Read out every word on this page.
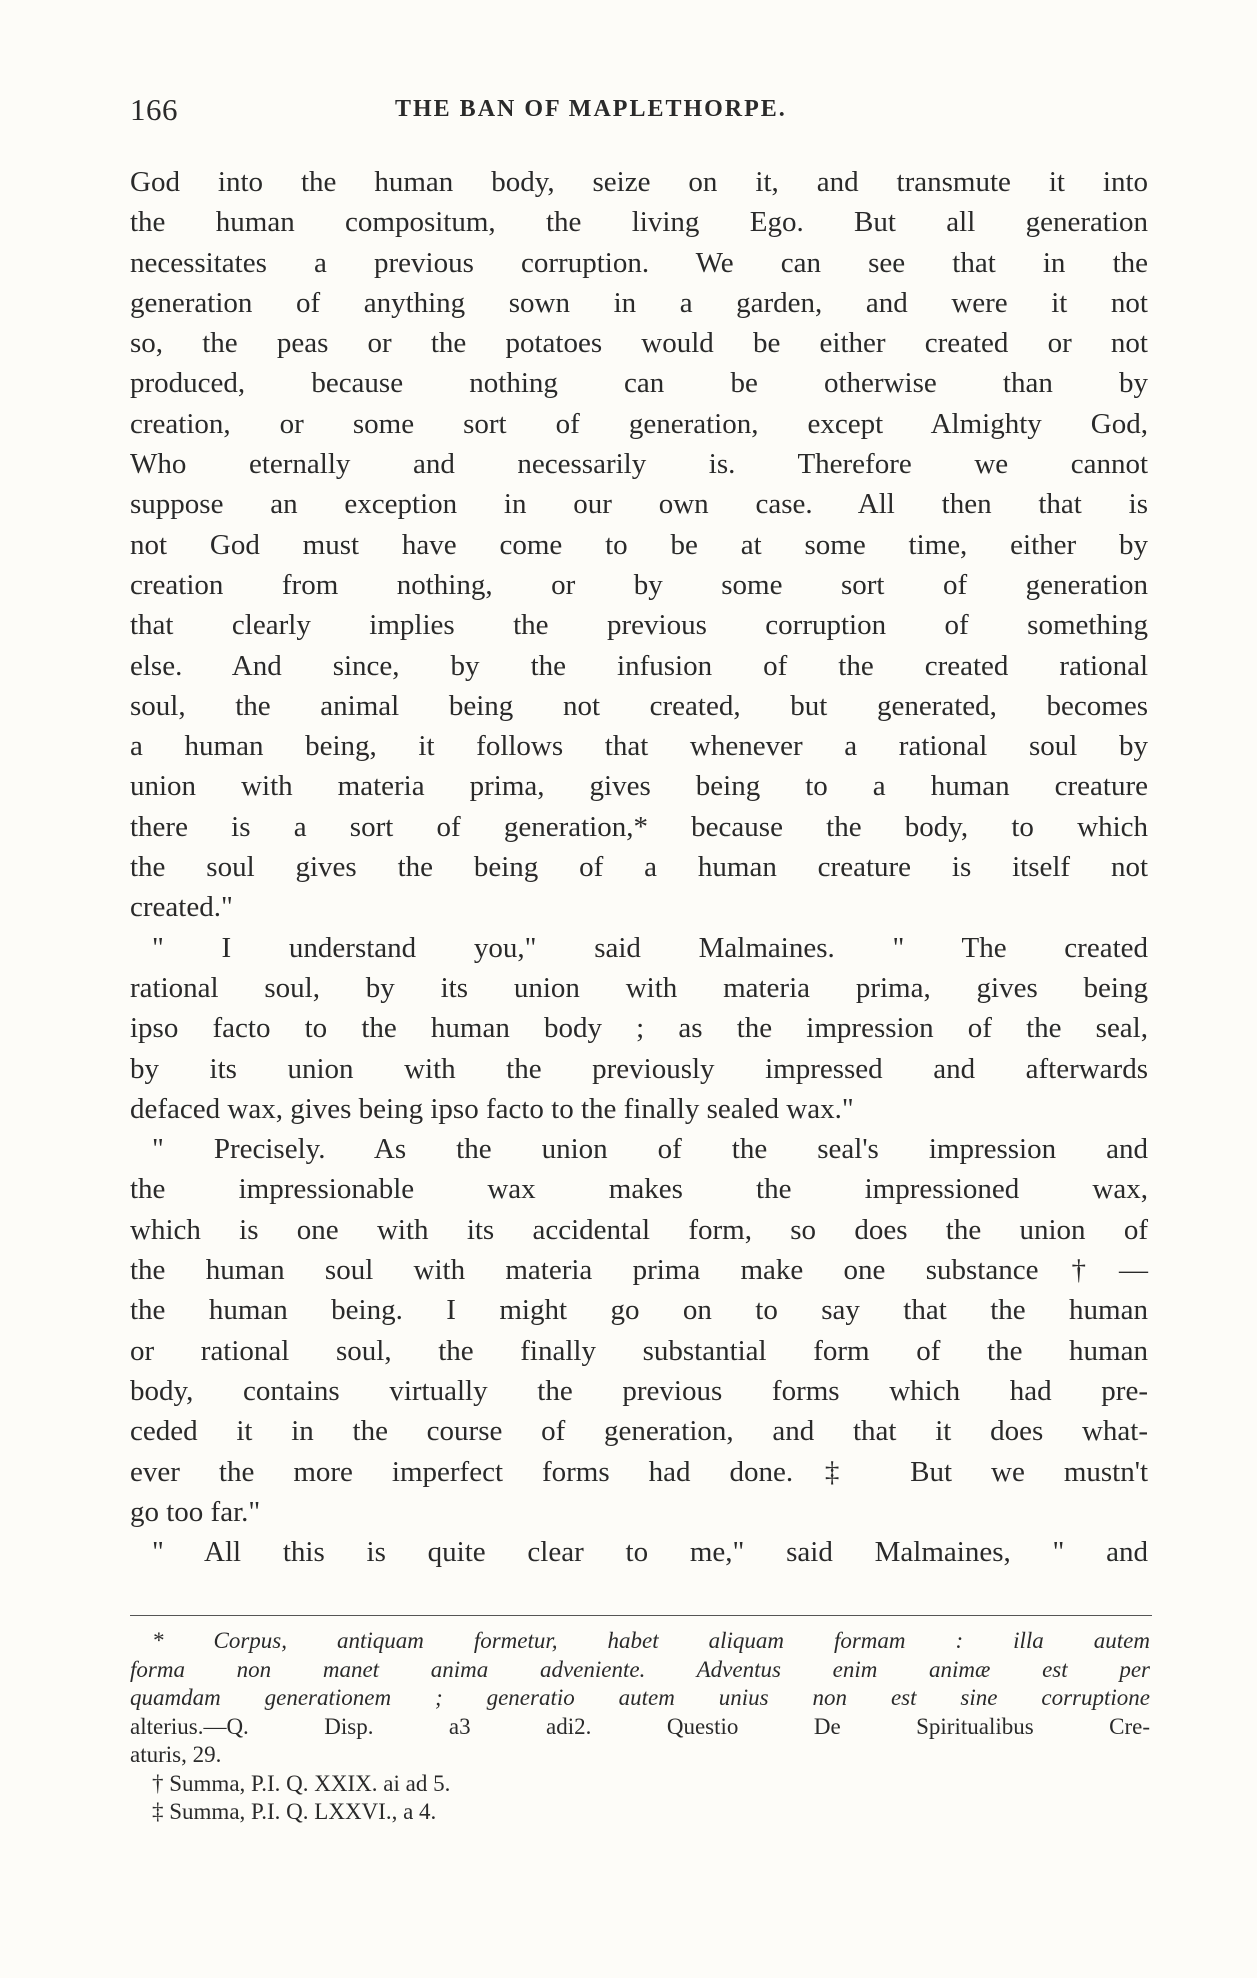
166	THE BAN OF MAPLETHORPE.
God into the human body, seize on it, and transmute it into
the human compositum, the living Ego. But all generation
necessitates a previous corruption. We can see that in the
generation of anything sown in a garden, and were it not
so, the peas or the potatoes would be either created or not
produced, because nothing can be otherwise than by
creation, or some sort of generation, except Almighty God,
Who eternally and necessarily is. Therefore we cannot
suppose an exception in our own case. All then that is
not God must have come to be at some time, either by
creation from nothing, or by some sort of generation
that clearly implies the previous corruption of something
else. And since, by the infusion of the created rational
soul, the animal being not created, but generated, becomes
a human being, it follows that whenever a rational soul by
union with materia prima, gives being to a human creature
there is a sort of generation,* because the body, to which
the soul gives the being of a human creature is itself not
created."
" I understand you," said Malmaines. " The created
rational soul, by its union with materia prima, gives being
ipso facto to the human body ; as the impression of the seal,
by its union with the previously impressed and afterwards
defaced wax, gives being ipso facto to the finally sealed wax."
" Precisely. As the union of the seal's impression and
the impressionable wax makes the impressioned wax,
which is one with its accidental form, so does the union of
the human soul with materia prima make one substance†—
the human being. I might go on to say that the human
or rational soul, the finally substantial form of the human
body, contains virtually the previous forms which had pre-
ceded it in the course of generation, and that it does what-
ever the more imperfect forms had done.‡ But we mustn't
go too far."
" All this is quite clear to me," said Malmaines, " and
* Corpus, antiquam formetur, habet aliquam formam : illa autem
forma non manet anima adveniente. Adventus enim animæ est per
quamdam generationem ; generatio autem unius non est sine corruptione
alterius.—Q. Disp. a3 adi2. Questio De Spiritualibus Cre-
aturis, 29.
† Summa, P.I. Q. XXIX. ai ad 5.
‡ Summa, P.I. Q. LXXVI., a 4.
